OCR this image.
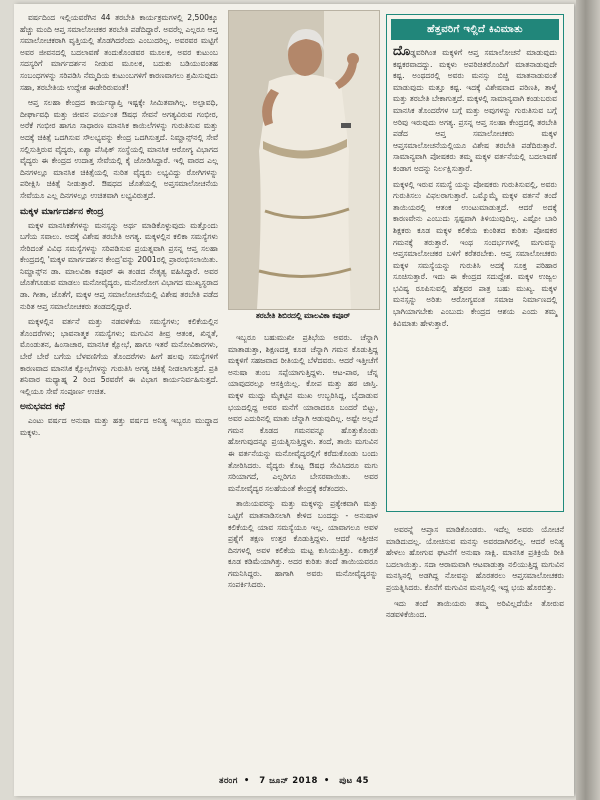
ವರ್ಷದಿಂದ ಇಲ್ಲಿಯವರೆಗಿನ 44 ತರಬೇತಿ ಕಾರ್ಯಕ್ರಮಗಳಲ್ಲಿ 2,500ಕ್ಕೂ ಹೆಚ್ಚು ಮಂದಿ ಆಪ್ತ ಸಮಾಲೋಚಕರ ತರಬೇತಿ ಪಡೆದಿದ್ದಾರೆ. ಅವರೆಲ್ಲ ಎಲ್ಲರೂ ಆಪ್ತ ಸಮಾಲೋಚಕರಾಗಿ ವೃತ್ತಿಯಲ್ಲಿ ತೊಡಗಿದರೆಂದು ಎಂಬುದರಿಲ್ಲ. ಅವರವರ ಮಟ್ಟಿಗೆ ಅವರ ಜೀವನದಲ್ಲಿ ಬದಲಾವಣೆ ತಂದುಕೊಂಡವರ ಮೂಲಕ, ಅವರ ಕುಟುಂಬ ಸದಸ್ಯರಿಗೆ ಮಾರ್ಗದರ್ಶನ ನೀಡುವ ಮೂಲಕ, ಬದುಕು ಬಡಿಯುವಂತಹ ಸಂಬಂಧಗಳನ್ನು ಸರಿಪಡಿಸಿ ನೆಮ್ಮದಿಯ ಕುಟುಂಬಗಳಿಗೆ ಕಾರಣವಾಗಲು ಶ್ರಮಿಸುವುದು ಸಹಾ, ತರಬೇತಿಯ ಉದ್ದೇಶ ಈಡೇರಿರುವಂತೆ!

ಆಪ್ತ ಸಲಹಾ ಕೇಂದ್ರದ ಕಾರ್ಯವ್ಯಾಪ್ತಿ ಇಷ್ಟಕ್ಕೇ ಸೀಮಿತವಾಗಿಲ್ಲ. ಅಲ್ಪಾವಧಿ, ದೀರ್ಘಾವಧಿ ಮತ್ತು ಜೀವನ ಪರ್ಯಂತ ಔಷಧ ಸೇವನೆ ಅಗತ್ಯವಿರುವ ಗಂಭೀರ, ಅರೆಕೆ ಗಂಭೀರ ಹಾಗೂ ಸಾಧಾರಣ ಮಾನಸಿಕ ಕಾಯಿಲೆಗಳನ್ನು ಗುರುತಿಸುವ ಮತ್ತು ಅದಕ್ಕೆ ಚಿಕಿತ್ಸೆ ಒದಗಿಸುವ ಸೌಲಭ್ಯವನ್ನು ಕೇಂದ್ರ ಒದಗಿಸುತ್ತದೆ. ನಿಮ್ಹಾನ್ಸ್‌ನಲ್ಲಿ ಸೇವೆ ಸಲ್ಲಿಸುತ್ತಿರುವ ವೈದ್ಯರು, ಏಶ್ಯಾ ಪೆಸಿಫಿಕ್ ಸಂಸ್ಥೆಯಲ್ಲಿ ಮಾನಸಿಕ ಆರೋಗ್ಯ ವಿಭಾಗದ ವೈದ್ಯರು ಈ ಕೇಂದ್ರದ ಉದಾತ್ತ ಸೇವೆಯಲ್ಲಿ ಕೈ ಜೋಡಿಸಿದ್ದಾರೆ. ಇಲ್ಲಿ ವಾರದ ಎಲ್ಲ ದಿನಗಳಲ್ಲೂ ಮಾನಸಿಕ ಚಿಕಿತ್ಸೆಯಲ್ಲಿ ನುರಿತ ವೈದ್ಯರು ಲಭ್ಯವಿದ್ದು ರೋಗಿಗಳನ್ನು ಪರೀಕ್ಷಿಸಿ ಚಿಕಿತ್ಸೆ ನೀಡುತ್ತಾರೆ. ಔಷಧದ ಜೊತೆಯಲ್ಲಿ ಅಪ್ತಸಮಾಲೋಚನೆಯ ಸೇವೆಯೂ ಎಲ್ಲ ದಿನಗಳಲ್ಲೂ ಉಚಿತವಾಗಿ ಲಭ್ಯವಿರುತ್ತದೆ.

ಮಕ್ಕಳ ಮಾರ್ಗದರ್ಶನ ಕೇಂದ್ರ

ಮಕ್ಕಳ ಮಾನಸಿಕತೆಗಳನ್ನು ಮನಸ್ಸನ್ನು ಅರ್ಥ ಮಾಡಿಕೊಳ್ಳುವುದು ಮತ್ತೊಂದು ಬಗೆಯ ಸವಾಲು. ಅದಕ್ಕೆ ವಿಶೇಷ ತರಬೇತಿ ಅಗತ್ಯ. ಮಕ್ಕಳಲ್ಲಿನ ಕಲಿಕಾ ಸಮಸ್ಯೆಗಳು ಸೇರಿದಂತೆ ವಿವಿಧ ಸಮಸ್ಯೆಗಳನ್ನು ಸರಿಪಡಿಸುವ ಪ್ರಯತ್ನವಾಗಿ ಪ್ರಸನ್ನ ಆಪ್ತ ಸಲಹಾ ಕೇಂದ್ರದಲ್ಲಿ 'ಮಕ್ಕಳ ಮಾರ್ಗದರ್ಶನ ಕೇಂದ್ರ'ವನ್ನು 2001ರಲ್ಲಿ ಪ್ರಾರಂಭಿಸಲಾಯಿತು. ನಿಮ್ಹಾನ್ಸ್‌ನ ಡಾ. ಮಾಲವಿಕಾ ಕಪೂರ್ ಈ ತಂಡದ ನೇತೃತ್ವ ವಹಿಸಿದ್ದಾರೆ. ಅವರ ಜೊತೆಗೂಡುವ ಮಾಡಲು ಮನೋವೈದ್ಯರು, ಮನೋರೋಗ ವಿಭಾಗದ ಮುಖ್ಯಸ್ಥರಾದ ಡಾ. ಗೀತಾ, ಜೊತೆಗೆ, ಮಕ್ಕಳ ಆಪ್ತ ಸಮಾಲೋಚನೆಯಲ್ಲಿ ವಿಶೇಷ ತರಬೇತಿ ಪಡೆದ ನುರಿತ ಆಪ್ತ ಸಮಾಲೋಚಕರು ತಂಡದಲ್ಲಿದ್ದಾರೆ.

ಮಕ್ಕಳಲ್ಲಿನ ವರ್ತನೆ ಮತ್ತು ನಡವಳಿಕೆಯ ಸಮಸ್ಯೆಗಳು; ಕಲಿಕೆಯಲ್ಲಿನ ತೊಂದರೆಗಳು; ಭಾವನಾತ್ಮಕ ಸಮಸ್ಯೆಗಳು; ಮಗುವಿನ ತೀವ್ರ ಆತಂಕ, ಖಿನ್ನತೆ, ಮೊಂಡುತನ, ಹಿಂಸಾಚಾರ, ಮಾನಸಿಕ ಕ್ಷೋಭೆ, ಹಾಗೂ ಇತರೆ ಮನೋವಿಕಾರಗಳು, ಬೇರೆ ಬೇರೆ ಬಗೆಯ ಬೆಳವಣಿಗೆಯ ತೊಂದರೆಗಳು ಹೀಗೆ ಹಲವು ಸಮಸ್ಯೆಗಳಿಗೆ ಕಾರಣವಾದ ಮಾನಸಿಕ ಕ್ಷೋಭೆಗಳನ್ನು ಗುರುತಿಸಿ ಅಗತ್ಯ ಚಿಕಿತ್ಸೆ ನೀಡಲಾಗುತ್ತದೆ. ಪ್ರತಿ ಶನಿವಾರ ಮಧ್ಯಾಹ್ನ 2 ರಿಂದ 5ರವರೆಗೆ ಈ ವಿಭಾಗ ಕಾರ್ಯನಿರ್ವಹಿಸುತ್ತದೆ. ಇಲ್ಲಿಯೂ ಸೇವೆ ಸಂಪೂರ್ಣ ಉಚಿತ.

ಅನುಭವದ ಕಥೆ

ಎಂಟು ವರ್ಷದ ಅನುಷಾ ಮತ್ತು ಹತ್ತು ವರ್ಷದ ಅನಿತ್ಯ ಇಬ್ಬರೂ ಮುದ್ದಾದ ಮಕ್ಕಳು.

ತರಬೇತಿ ಶಿಬಿರದಲ್ಲಿ ಮಾಲವಿಕಾ ಕಪೂರ್

ಇಬ್ಬರೂ ಬಹುಮುಖೀ ಪ್ರತಿಭೆಯ ಅವರು. ಚೆನ್ನಾಗಿ ಮಾತಾಡುತ್ತಾ, ಶಿಕ್ಷಣದತ್ತ ಕೂಡ ಚೆನ್ನಾಗಿ ಗಮನ ಕೊಡುತ್ತಿದ್ದ ಮಕ್ಕಳಿಗೆ ಸಹಜವಾದ ರೀತಿಯಲ್ಲಿ ಬೆಳೆದವರು. ಆದರೆ ಇತ್ತೀಚೆಗೆ ಅನುಷಾ ತುಂಬ ಸಪ್ಪೆಯಾಗುತ್ತಿದ್ದಳು. ಆಟ-ಪಾಠ, ಚೆನ್ನ ಯಾವುದರಲ್ಲೂ ಆಸಕ್ತಿಯಿಲ್ಲ. ಕೋಪ ಮತ್ತು ಹಠ ಜಾಸ್ತಿ. ಮಕ್ಕಳ ಮುದ್ದು ಮೈಕಟ್ಟಿನ ಮುಖ ಉಬ್ಬರಿಸಿದ್ದ, ಬೈದಾಡುವ ಭಯದಲ್ಲಿದ್ದ ಅವರ ಮನೆಗೆ ಯಾರಾದರೂ ಬಂದರೆ ಬಿಟ್ಟು, ಅವರ ಎದುರಿನಲ್ಲಿ ಮಾತು ಚೆನ್ನಾಗಿ ಆಡುವುದಿಲ್ಲ. ಅಷ್ಟೇ ಅಲ್ಲದೆ ಗಮನ ಕೊಡದ ಗಮನವನ್ನೂ ಹೊತ್ತುಕೊಂಡು ಹೋಗುವುದನ್ನೂ ಪ್ರಯತ್ನಿಸುತ್ತಿದ್ದಳು. ತಂದೆ, ತಾಯಿ ಮಗುವಿನ ಈ ವರ್ತನೆಯನ್ನು ಮನೋವೈದ್ಯರಲ್ಲಿಗೆ ಕರೆದುಕೊಂಡು ಬಂದು ತೋರಿಸಿದರು. ವೈದ್ಯರು ಕೊಟ್ಟ ಔಷಧ ಸೇವಿಸಿದರೂ ಮಗು ಸರಿಯಾಗದೆ, ಎಲ್ಲರಿಗೂ ಬೇಸರವಾಯಿತು. ಅವರ ಮನೋವೈದ್ಯರ ಸಲಹೆಯಂತೆ ಕೇಂದ್ರಕ್ಕೆ ಕರೆತಂದರು.

ತಾಯಿಯವರನ್ನು ಮತ್ತು ಮಕ್ಕಳನ್ನು ಪ್ರತ್ಯೇಕವಾಗಿ ಮತ್ತು ಒಟ್ಟಿಗೆ ಮಾತನಾಡಿಸಲಾಗಿ ಕೇಳಿದ ಬಂದದ್ದು - ಅನುಷಾಳ ಕಲಿಕೆಯಲ್ಲಿ ಯಾವ ಸಮಸ್ಯೆಯೂ ಇಲ್ಲ. ಯಾವಾಗಲೂ ಅವಳ ಪ್ರಶ್ನೆಗೆ ತಕ್ಷಣ ಉತ್ತರ ಕೊಡುತ್ತಿದ್ದಳು. ಆದರೆ ಇತ್ತೀಚಿನ ದಿನಗಳಲ್ಲಿ ಅವಳ ಕಲಿಕೆಯ ಮಟ್ಟ ಕುಸಿಯುತ್ತಿತ್ತು. ಏಕಾಗ್ರತೆ ಕೂಡ ಕಡಿಮೆಯಾಗಿತ್ತು. ಅದರ ಕುರಿತು ತಂದೆ ತಾಯಿಯವರೂ ಗಮನಿಸಿದ್ದರು. ಹಾಗಾಗಿ ಅವರು ಮನೋವೈದ್ಯರನ್ನು ಸಂಪರ್ಕಿಸಿದರು.

ಹೆತ್ತವರಿಗೆ ಇಲ್ಲಿದೆ ಕಿವಿಮಾತು

ದೊಡ್ಡವರಿಗಿಂತ ಮಕ್ಕಳಿಗೆ ಆಪ್ತ ಸಮಾಲೋಚನೆ ಮಾಡುವುದು ಕಷ್ಟಕರವಾದದ್ದು. ಮಕ್ಕಳು ಅಪರಿಚಿತರೊಂದಿಗೆ ಮಾತನಾಡುವುದೇ ಕಷ್ಟ. ಅಂಥದರಲ್ಲಿ ಅವರು ಮನಸ್ಸು ಬಿಚ್ಚಿ ಮಾತನಾಡುವಂತೆ ಮಾಡುವುದು ಮತ್ತೂ ಕಷ್ಟ. ಇದಕ್ಕೆ ವಿಶೇಷವಾದ ಪರಿಣತಿ, ತಾಳ್ಮೆ ಮತ್ತು ತರಬೇತಿ ಬೇಕಾಗುತ್ತದೆ. ಮಕ್ಕಳಲ್ಲಿ ಸಾಮಾನ್ಯವಾಗಿ ಕಂಡುಬರುವ ಮಾನಸಿಕ ತೊಂದರೆಗಳ ಬಗ್ಗೆ ಮತ್ತು ಅವುಗಳನ್ನು ಗುರುತಿಸುವ ಬಗ್ಗೆ ಅರಿವು ಇರುವುದು ಅಗತ್ಯ. ಪ್ರಸನ್ನ ಆಪ್ತ ಸಲಹಾ ಕೇಂದ್ರದಲ್ಲಿ ತರಬೇತಿ ಪಡೆದ ಆಪ್ತ ಸಮಾಲೋಚಕರು ಮಕ್ಕಳ ಆಪ್ತಸಮಾಲೋಚನೆಯಲ್ಲಿಯೂ ವಿಶೇಷ ತರಬೇತಿ ಪಡೆದಿರುತ್ತಾರೆ. ಸಾಮಾನ್ಯವಾಗಿ ಪೋಷಕರು ತಮ್ಮ ಮಕ್ಕಳ ವರ್ತನೆಯಲ್ಲಿ ಬದಲಾವಣೆ ಕಂಡಾಗ ಅದನ್ನು ನಿರ್ಲಕ್ಷಿಸುತ್ತಾರೆ.

ಮಕ್ಕಳಲ್ಲಿ ಇರುವ ಸಮಸ್ಯೆ ಯನ್ನು ಪೋಷಕರು ಗುರುತಿಸುವಲ್ಲಿ, ಅವರು ಗುರುತಿಸಲು ವಿಫಲರಾಗುತ್ತಾರೆ. ಒಮ್ಮೊಮ್ಮೆ ಮಕ್ಕಳ ವರ್ತನೆ ತಂದೆ ತಾಯಿಯರಲ್ಲಿ ಆತಂಕ ಉಂಟುಮಾಡುತ್ತದೆ. ಆದರೆ ಅದಕ್ಕೆ ಕಾರಣವೇನು ಎಂಬುದು ಸ್ಪಷ್ಟವಾಗಿ ತಿಳಿಯುವುದಿಲ್ಲ. ಎಷ್ಟೋ ಬಾರಿ ಶಿಕ್ಷಕರು ಕೂಡ ಮಕ್ಕಳ ಕಲಿಕೆಯ ಕುಂಠಿತದ ಕುರಿತು ಪೋಷಕರ ಗಮನಕ್ಕೆ ತರುತ್ತಾರೆ. ಇಂಥ ಸಂದರ್ಭಗಳಲ್ಲಿ ಮಗುವನ್ನು ಆಪ್ತಸಮಾಲೋಚಕರ ಬಳಿಗೆ ಕರೆತರಬೇಕು. ಆಪ್ತ ಸಮಾಲೋಚಕರು ಮಕ್ಕಳ ಸಮಸ್ಯೆಯನ್ನು ಗುರುತಿಸಿ ಅದಕ್ಕೆ ಸೂಕ್ತ ಪರಿಹಾರ ಸೂಚಿಸುತ್ತಾರೆ. ಇದು ಈ ಕೇಂದ್ರದ ಸದುದ್ದೇಶ. ಮಕ್ಕಳ ಉಜ್ವಲ ಭವಿಷ್ಯ ರೂಪಿಸುವಲ್ಲಿ ಹೆತ್ತವರ ಪಾತ್ರ ಬಹು ಮುಖ್ಯ. ಮಕ್ಕಳ ಮನಸ್ಸನ್ನು ಅರಿತು ಆರೋಗ್ಯವಂತ ಸಮಾಜ ನಿರ್ಮಾಣದಲ್ಲಿ ಭಾಗಿಯಾಗಬೇಕು ಎಂಬುದು ಕೇಂದ್ರದ ಆಶಯ ಎಂದು ತಮ್ಮ ಕಿವಿಮಾತು ಹೇಳುತ್ತಾರೆ.

ಅವರನ್ನೆ ಆಪ್ತಾಸ ಮಾಡಿಕೊಂಡರು. ಇದೆಲ್ಲ ಅವರು ಯೋಚನೆ ಮಾಡಿದುದಲ್ಲ. ಯೋಚಿಸುವ ಮನಸ್ಸು ಅವರದಾಗಿರಲಿಲ್ಲ. ಆದರೆ ಅನಿತ್ಯ ಹೇಳಲು ಹೋಗುವ ಘಟನೆಗೆ ಅನುಷಾ ಸಾಕ್ಷಿ. ಮಾನಸಿಕ ಪ್ರತಿಕ್ರಿಯೆ ರೀತಿ ಬದಲಾಯಿತ್ತು. ಸದಾ ಆರಾಮವಾಗಿ ಆಟವಾಡುತ್ತಾ ನಲಿಯುತ್ತಿದ್ದ ಮಗುವಿನ ಮನಸ್ಸಿನಲ್ಲಿ ಅಡಗಿದ್ದ ನೋವನ್ನು ಹೊರತರಲು ಆಪ್ತಸಮಾಲೋಚಕರು ಪ್ರಯತ್ನಿಸಿದರು. ಕೊನೆಗೆ ಮಗುವಿನ ಮನಸ್ಸಿನಲ್ಲಿ ಇದ್ದ ಭಯ ಹೊರಬಿತ್ತು.

ಇದು ತಂದೆ ತಾಯಿಯರು ತಮ್ಮ ಅರಿವಿಲ್ಲದೆಯೇ ತೋರುವ ನಡವಳಿಕೆಯಿಂದ.

ತರಂಗ • 7 ಜೂನ್ 2018 • ಪುಟ 45
